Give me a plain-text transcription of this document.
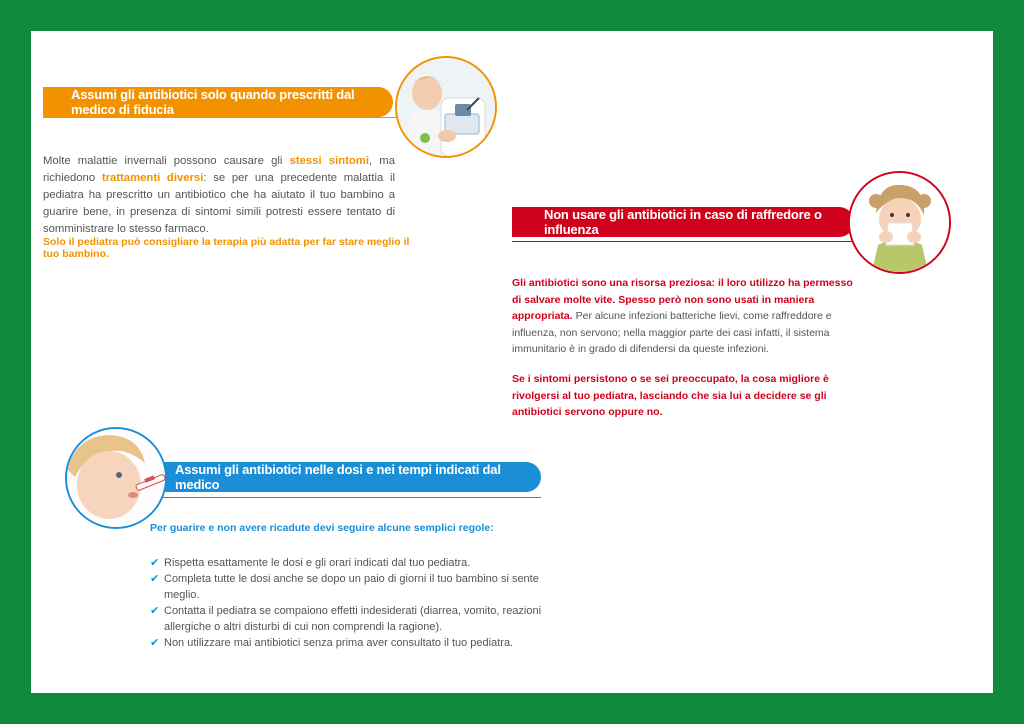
Assumi gli antibiotici solo quando prescritti dal medico di fiducia
Molte malattie invernali possono causare gli stessi sintomi, ma richiedono trattamenti diversi: se per una precedente malattia il pediatra ha prescritto un antibiotico che ha aiutato il tuo bambino a guarire bene, in presenza di sintomi simili potresti essere tentato di somministrare lo stesso farmaco.
Solo il pediatra può consigliare la terapia più adatta per far stare meglio il tuo bambino.
Non usare gli antibiotici in caso di raffredore o influenza
Gli antibiotici sono una risorsa preziosa: il loro utilizzo ha permesso di salvare molte vite. Spesso però non sono usati in maniera appropriata. Per alcune infezioni batteriche lievi, come raffreddore e influenza, non servono; nella maggior parte dei casi infatti, il sistema immunitario è in grado di difendersi da queste infezioni.
Se i sintomi persistono o se sei preoccupato, la cosa migliore è rivolgersi al tuo pediatra, lasciando che sia lui a decidere se gli antibiotici servono oppure no.
Assumi gli antibiotici nelle dosi e nei tempi indicati dal medico
Per guarire e non avere ricadute devi seguire alcune semplici regole:
✔ Rispetta esattamente le dosi e gli orari indicati dal tuo pediatra.
✔ Completa tutte le dosi anche se dopo un paio di giorni il tuo bambino si sente meglio.
✔ Contatta il pediatra se compaiono effetti indesiderati (diarrea, vomito, reazioni allergiche o altri disturbi di cui non comprendi la ragione).
✔ Non utilizzare mai antibiotici senza prima aver consultato il tuo pediatra.
